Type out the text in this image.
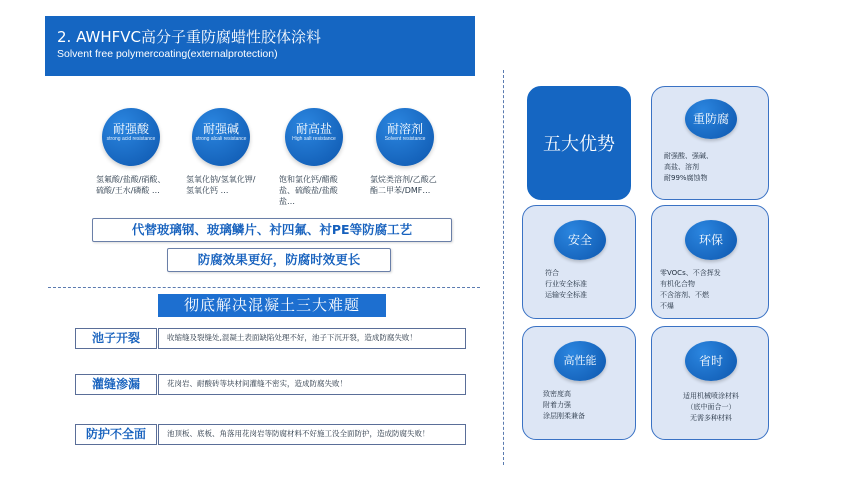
2. AWHFVC高分子重防腐蜡性胶体涂料
Solvent free polymercoating(externalprotection)
耐强酸
strong acid resistance
氢氟酸/盐酸/硝酸、硫酸/王水/磷酸 …
耐强碱
strong alcali resistance
氢氧化钠/氢氧化钾/氢氧化钙 …
耐高盐
High salt resistance
饱和氯化钙/醋酸盐、硫酸盐/盐酸盐…
耐溶剂
Solvent resistance
氯烷类溶剂/乙酸乙酯二甲苯/DMF…
代替玻璃钢、玻璃鳞片、衬四氟、衬PE等防腐工艺
防腐效果更好，防腐时效更长
彻底解决混凝土三大难题
池子开裂	收缩缝及裂缝处,混凝土表面缺陷处理不好，池子下沉开裂，造成防腐失败！
灌缝渗漏	花岗岩、耐酸砖等块材间灌缝不密实，造成防腐失败！
防护不全面	池顶板、底板、角落用花岗岩等防腐材料不好施工没全面防护，造成防腐失败！
五大优势
重防腐
耐强酸、强碱、
高盐、溶剂
耐99%腐蚀物
安全
符合
行业安全标准
运输安全标准
环保
零VOCs、不含挥发
有机化合物
不含溶剂、不燃
不爆
高性能
致密度高
附着力强
涂层刚柔兼备
省时
适用机械喷涂材料
（底中面合一）
无需多种材料
